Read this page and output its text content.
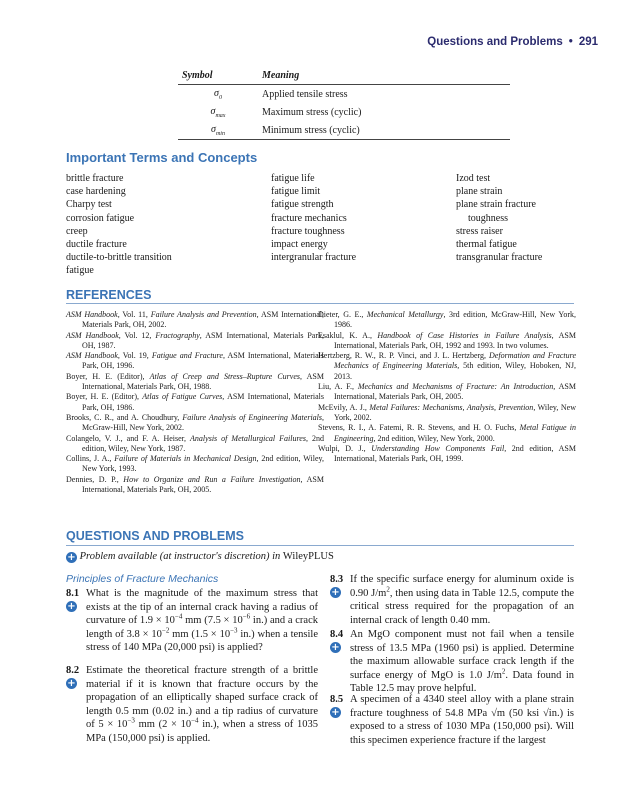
Questions and Problems • 291
Symbol	Meaning
$\sigma_0$	Applied tensile stress
$\sigma_{max}$	Maximum stress (cyclic)
$\sigma_{min}$	Minimum stress (cyclic)
Important Terms and Concepts
brittle fracture
case hardening
Charpy test
corrosion fatigue
creep
ductile fracture
ductile-to-brittle transition
fatigue
fatigue life
fatigue limit
fatigue strength
fracture mechanics
fracture toughness
impact energy
intergranular fracture
Izod test
plane strain
plane strain fracture
toughness
stress raiser
thermal fatigue
transgranular fracture
REFERENCES

ASM Handbook, Vol. 11, Failure Analysis and Prevention, ASM International, Materials Park, OH, 2002.

ASM Handbook, Vol. 12, Fractography, ASM International, Materials Park, OH, 1987.

ASM Handbook, Vol. 19, Fatigue and Fracture, ASM International, Materials Park, OH, 1996.

Boyer, H. E. (Editor), Atlas of Creep and Stress–Rupture Curves, ASM International, Materials Park, OH, 1988.

Boyer, H. E. (Editor), Atlas of Fatigue Curves, ASM International, Materials Park, OH, 1986.

Brooks, C. R., and A. Choudhury, Failure Analysis of Engineering Materials, McGraw-Hill, New York, 2002.

Colangelo, V. J., and F. A. Heiser, Analysis of Metallurgical Failures, 2nd edition, Wiley, New York, 1987.

Collins, J. A., Failure of Materials in Mechanical Design, 2nd edition, Wiley, New York, 1993.

Dennies, D. P., How to Organize and Run a Failure Investigation, ASM International, Materials Park, OH, 2005.

Dieter, G. E., Mechanical Metallurgy, 3rd edition, McGraw-Hill, New York, 1986.

Esaklul, K. A., Handbook of Case Histories in Failure Analysis, ASM International, Materials Park, OH, 1992 and 1993. In two volumes.

Hertzberg, R. W., R. P. Vinci, and J. L. Hertzberg, Deformation and Fracture Mechanics of Engineering Materials, 5th edition, Wiley, Hoboken, NJ, 2013.

Liu, A. F., Mechanics and Mechanisms of Fracture: An Introduction, ASM International, Materials Park, OH, 2005.

McEvily, A. J., Metal Failures: Mechanisms, Analysis, Prevention, Wiley, New York, 2002.

Stevens, R. I., A. Fatemi, R. R. Stevens, and H. O. Fuchs, Metal Fatigue in Engineering, 2nd edition, Wiley, New York, 2000.

Wulpi, D. J., Understanding How Components Fail, 2nd edition, ASM International, Materials Park, OH, 1999.

QUESTIONS AND PROBLEMS
+ Problem available (at instructor's discretion) in WileyPLUS
Principles of Fracture Mechanics
8.1
+
What is the magnitude of the maximum stress that exists at the tip of an internal crack having a radius of curvature of $1.9 \times 10^{-4}$ mm ($7.5 \times 10^{-6}$ in.) and a crack length of $3.8 \times 10^{-2}$ mm ($1.5 \times 10^{-3}$ in.) when a tensile stress of 140 MPa (20,000 psi) is applied?
8.2
+
Estimate the theoretical fracture strength of a brittle material if it is known that fracture occurs by the propagation of an elliptically shaped surface crack of length 0.5 mm (0.02 in.) and a tip radius of curvature of $5 \times 10^{-3}$ mm ($2 \times 10^{-4}$ in.), when a stress of 1035 MPa (150,000 psi) is applied.
8.3
+
If the specific surface energy for aluminum oxide is 0.90 $J/m^2$, then using data in Table 12.5, compute the critical stress required for the propagation of an internal crack of length 0.40 mm.
8.4
+
An MgO component must not fail when a tensile stress of 13.5 MPa (1960 psi) is applied. Determine the maximum allowable surface crack length if the surface energy of MgO is 1.0 $J/m^2$. Data found in Table 12.5 may prove helpful.
8.5
+
A specimen of a 4340 steel alloy with a plane strain fracture toughness of 54.8 MPa √m (50 ksi √in.) is exposed to a stress of 1030 MPa (150,000 psi). Will this specimen experience fracture if the largest
